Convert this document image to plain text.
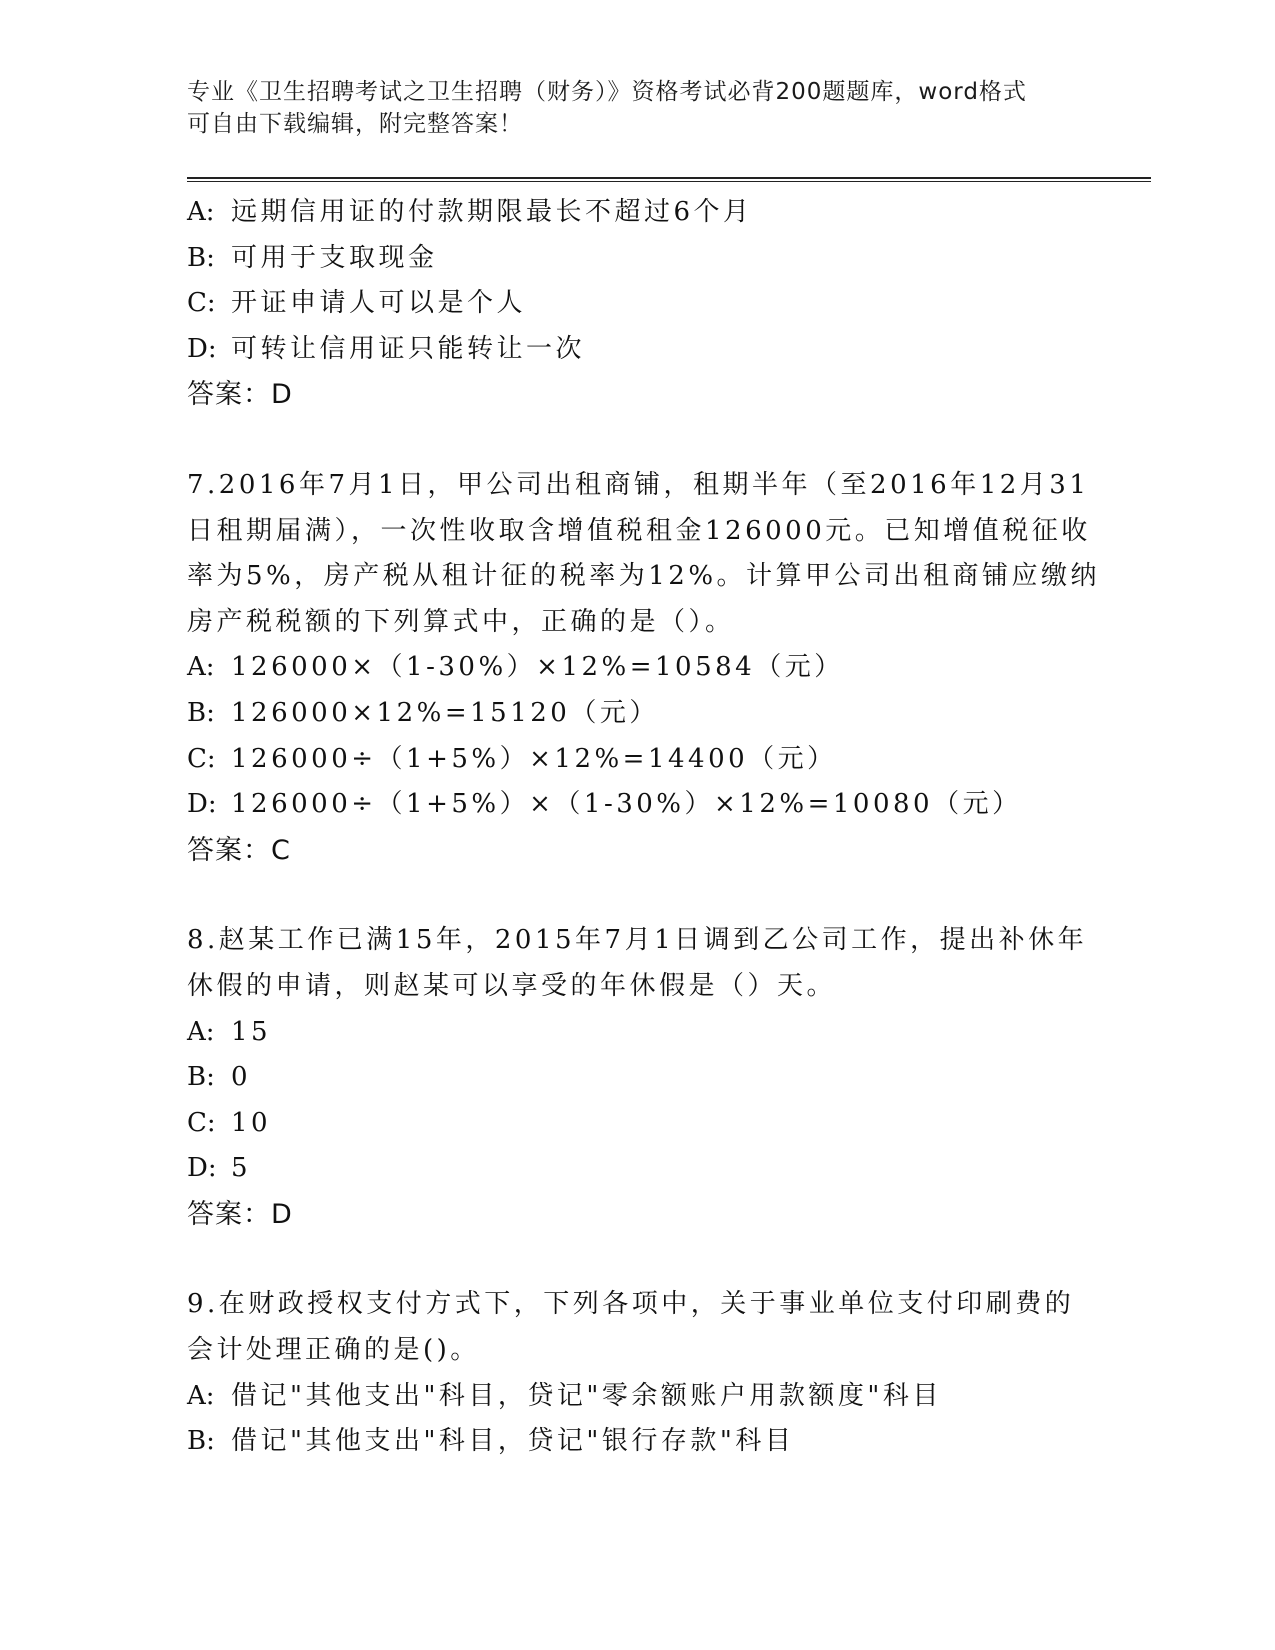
专业《卫生招聘考试之卫生招聘（财务）》资格考试必背200题题库，word格式
可自由下载编辑，附完整答案！
A: 远期信用证的付款期限最长不超过6个月
B: 可用于支取现金
C: 开证申请人可以是个人
D: 可转让信用证只能转让一次
答案：D
7.2016年7月1日，甲公司出租商铺，租期半年（至2016年12月31
日租期届满），一次性收取含增值税租金126000元。已知增值税征收
率为5%，房产税从租计征的税率为12%。计算甲公司出租商铺应缴纳
房产税税额的下列算式中，正确的是（）。
A: 126000×（1-30%）×12%=10584（元）
B: 126000×12%=15120（元）
C: 126000÷（1+5%）×12%=14400（元）
D: 126000÷（1+5%）×（1-30%）×12%=10080（元）
答案：C
8.赵某工作已满15年，2015年7月1日调到乙公司工作，提出补休年
休假的申请，则赵某可以享受的年休假是（）天。
A: 15
B: 0
C: 10
D: 5
答案：D
9.在财政授权支付方式下，下列各项中，关于事业单位支付印刷费的
会计处理正确的是()。
A: 借记"其他支出"科目，贷记"零余额账户用款额度"科目
B: 借记"其他支出"科目，贷记"银行存款"科目
